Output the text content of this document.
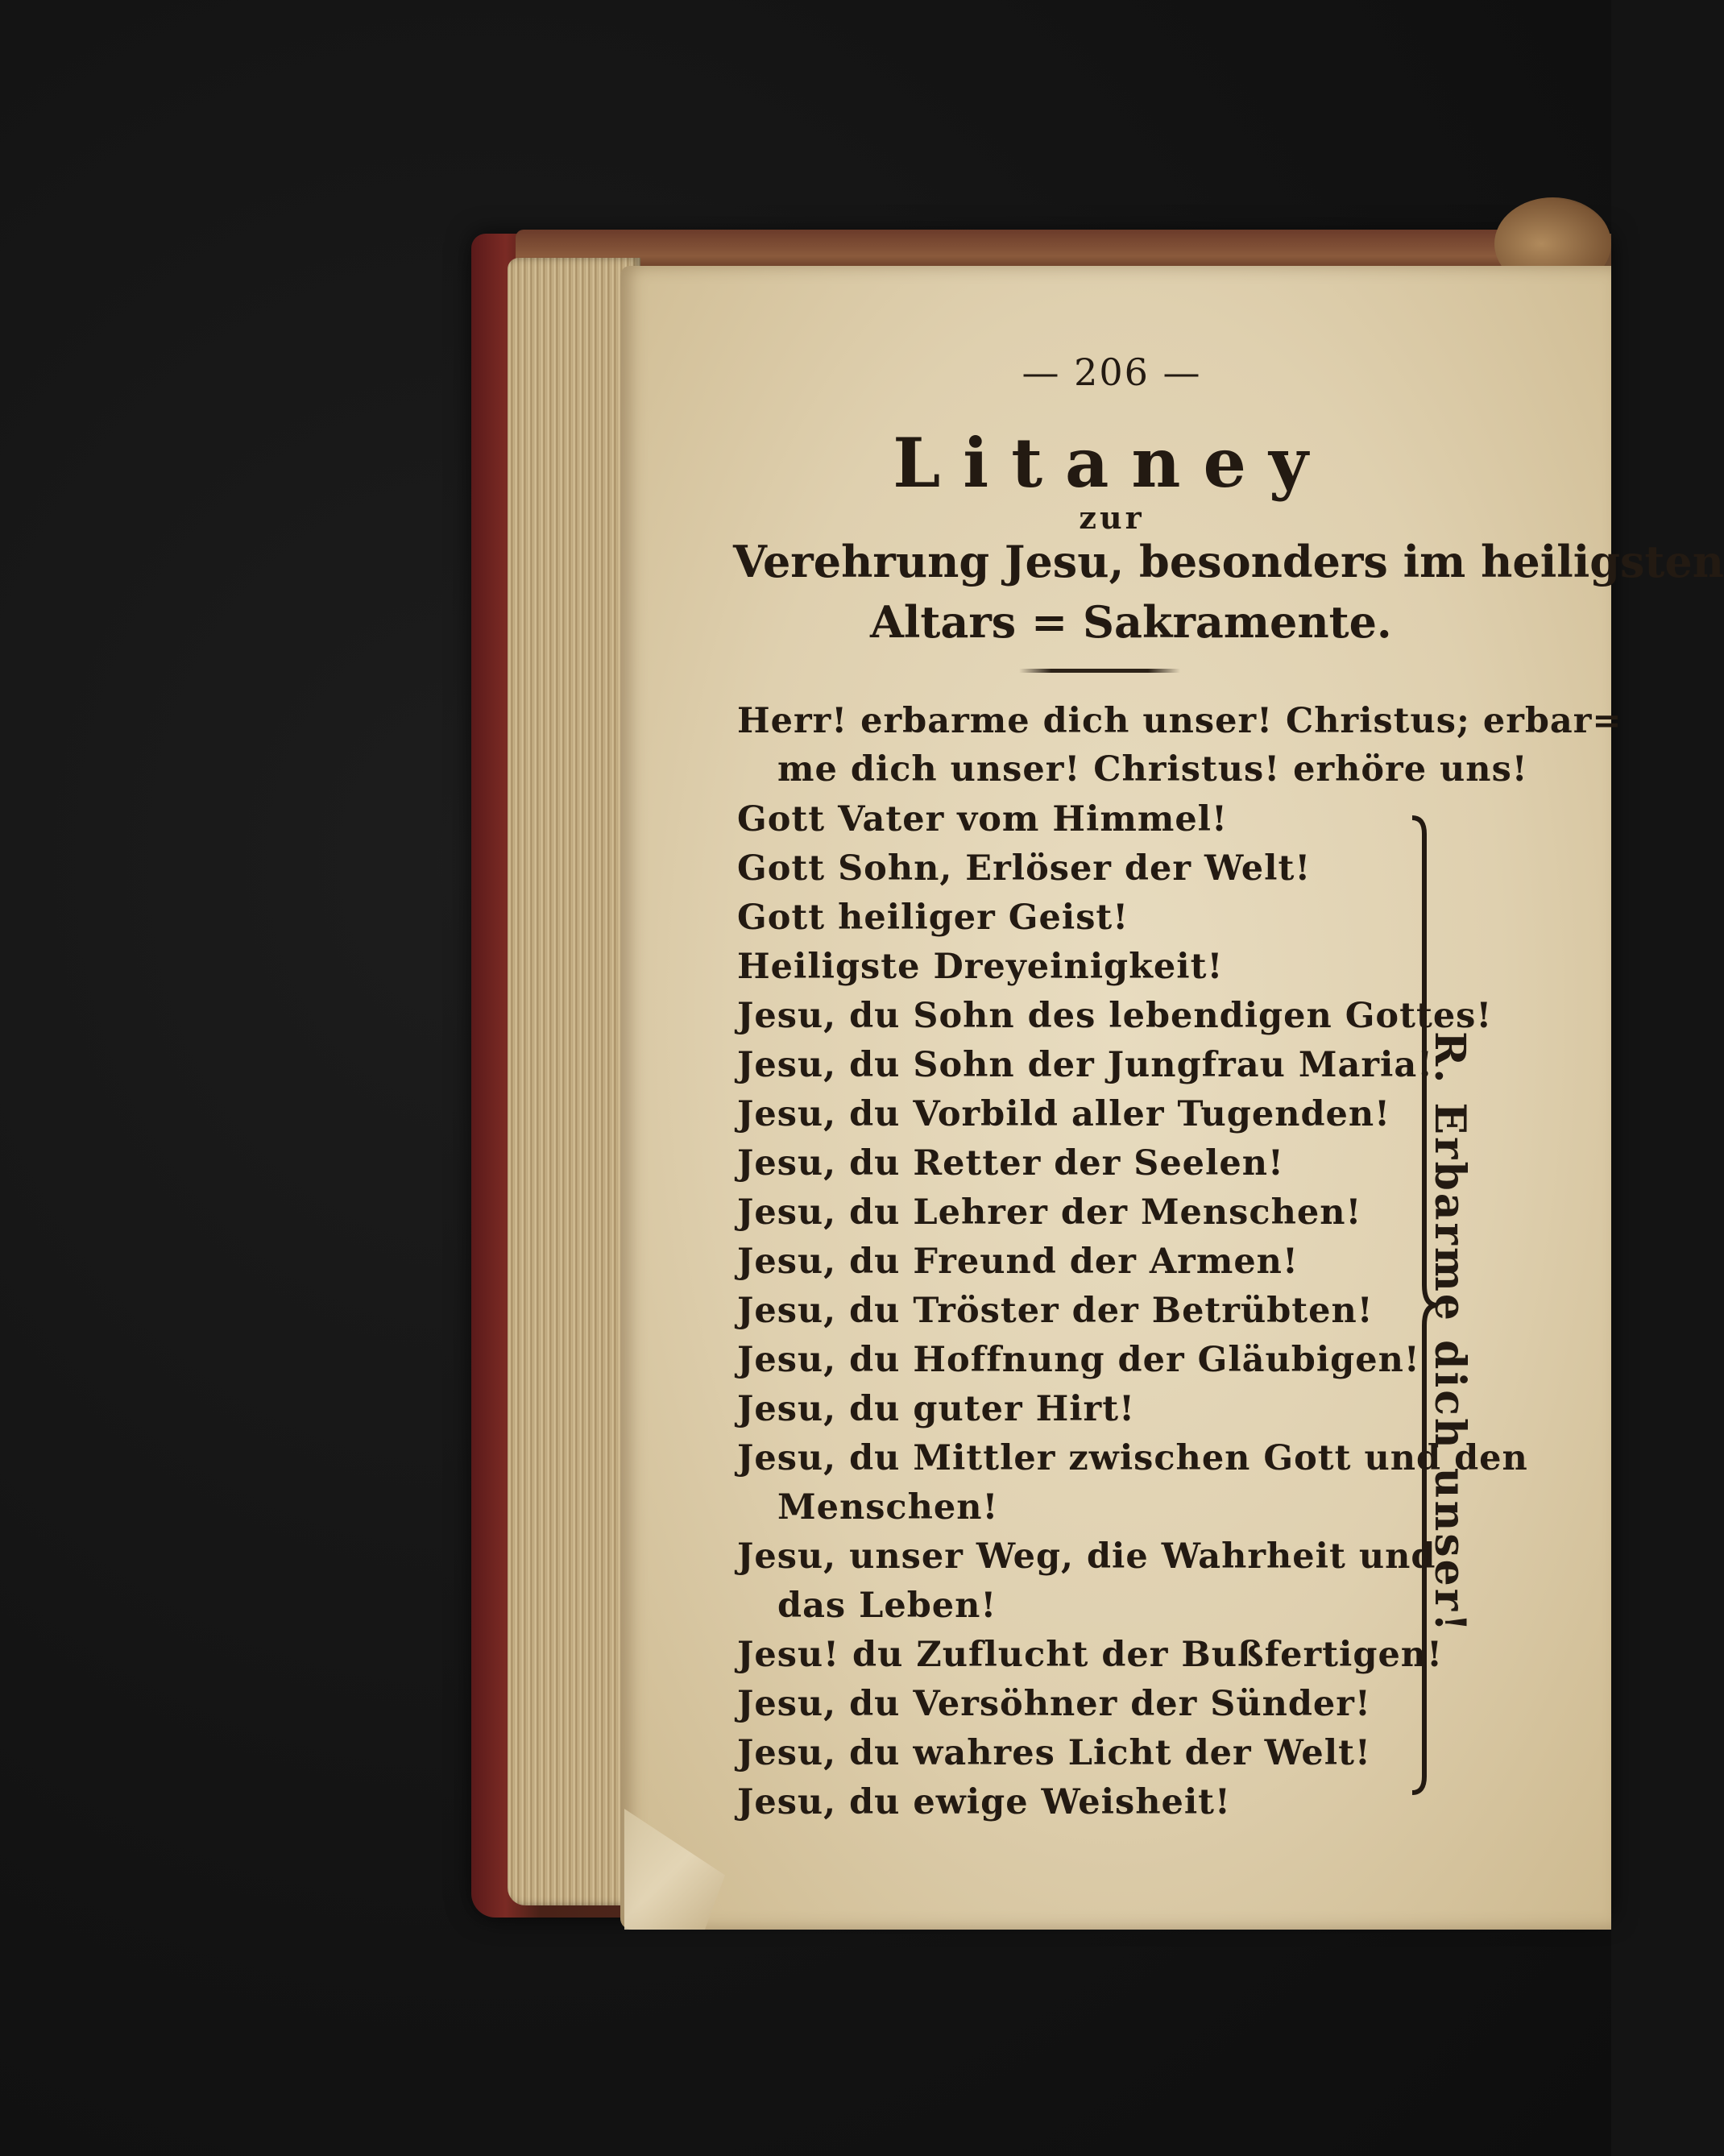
— 206 —

Litaney

zur

Verehrung Jesu, besonders im heiligsten

Altars = Sakramente.

Herr! erbarme dich unser! Christus; erbar=

me dich unser! Christus! erhöre uns!

Gott Vater vom Himmel!

Gott Sohn, Erlöser der Welt!

Gott heiliger Geist!

Heiligste Dreyeinigkeit!

Jesu, du Sohn des lebendigen Gottes!

Jesu, du Sohn der Jungfrau Maria!

Jesu, du Vorbild aller Tugenden!

Jesu, du Retter der Seelen!

Jesu, du Lehrer der Menschen!

Jesu, du Freund der Armen!

Jesu, du Tröster der Betrübten!

Jesu, du Hoffnung der Gläubigen!

Jesu, du guter Hirt!

Jesu, du Mittler zwischen Gott und den

Menschen!

Jesu, unser Weg, die Wahrheit und

das Leben!

Jesu! du Zuflucht der Bußfertigen!

Jesu, du Versöhner der Sünder!

Jesu, du wahres Licht der Welt!

Jesu, du ewige Weisheit!

R. Erbarme dich unser!
